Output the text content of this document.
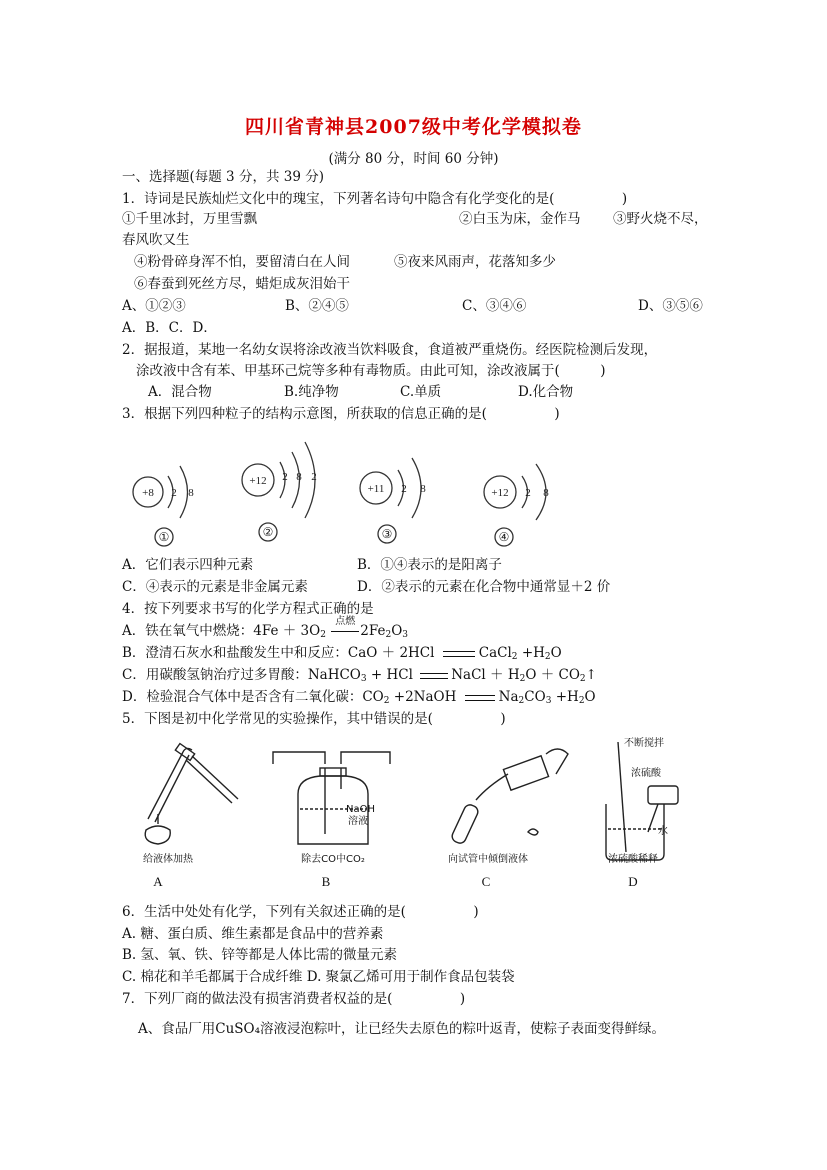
四川省青神县2007级中考化学模拟卷
(满分 80 分，时间 60 分钟)
一、选择题(每题 3 分，共 39 分)
1．诗词是民族灿烂文化中的瑰宝，下列著名诗句中隐含有化学变化的是(　　　　　)
①千里冰封，万里雪飘	②白玉为床，金作马 ③野火烧不尽，
春风吹又生
④粉骨碎身浑不怕，要留清白在人间	⑤夜来风雨声，花落知多少
⑥春蚕到死丝方尽，蜡炬成灰泪始干
A、①②③	B、②④⑤	C、③④⑥	D、③⑤⑥
A．B．C．D．
2．据报道，某地一名幼女误将涂改液当饮料吸食，食道被严重烧伤。经医院检测后发现，
涂改液中含有苯、甲基环己烷等多种有毒物质。由此可知，涂改液属于(　　　)
A．混合物	B.纯净物	C.单质	D.化合物
3．根据下列四种粒子的结构示意图，所获取的信息正确的是(　　　　　)
+8 2 8
+12 2 8 2
+11 2 8	+12 2 8
①	②	③	④
A．它们表示四种元素	B．①④表示的是阳离子
C．④表示的元素是非金属元素	D．②表示的元素在化合物中通常显＋2 价
4．按下列要求书写的化学方程式正确的是
A．铁在氧气中燃烧：$4Fe + 3O_2$
点燃
$2Fe_2O_3$
B．澄清石灰水和盐酸发生中和反应：CaO ＋ 2HCl	CaCl$_2$ $+H_2O$
C．用碳酸氢钠治疗过多胃酸：NaHCO$_3$ + HCl	NaCl ＋ $H_2O$ ＋ $CO_2↑$
D．检验混合气体中是否含有二氧化碳：$CO_2$ +2NaOH	$Na_2CO_3 +H_2O$
5．下图是初中化学常见的实验操作，其中错误的是(　　　　　)
NaOH
溶液
不断搅拌
浓硫酸
水
给液体加热	除去CO中CO₂	向试管中倾倒液体	浓硫酸稀释
A	B	C	D
6．生活中处处有化学，下列有关叙述正确的是(　　　　　)
A. 糖、蛋白质、维生素都是食品中的营养素
B. 氢、氧、铁、锌等都是人体比需的微量元素
C. 棉花和羊毛都属于合成纤维 D. 聚氯乙烯可用于制作食品包装袋
7．下列厂商的做法没有损害消费者权益的是(　　　　　)
A、食品厂用CuSO₄溶液浸泡粽叶，让已经失去原色的粽叶返青，使粽子表面变得鲜绿。
